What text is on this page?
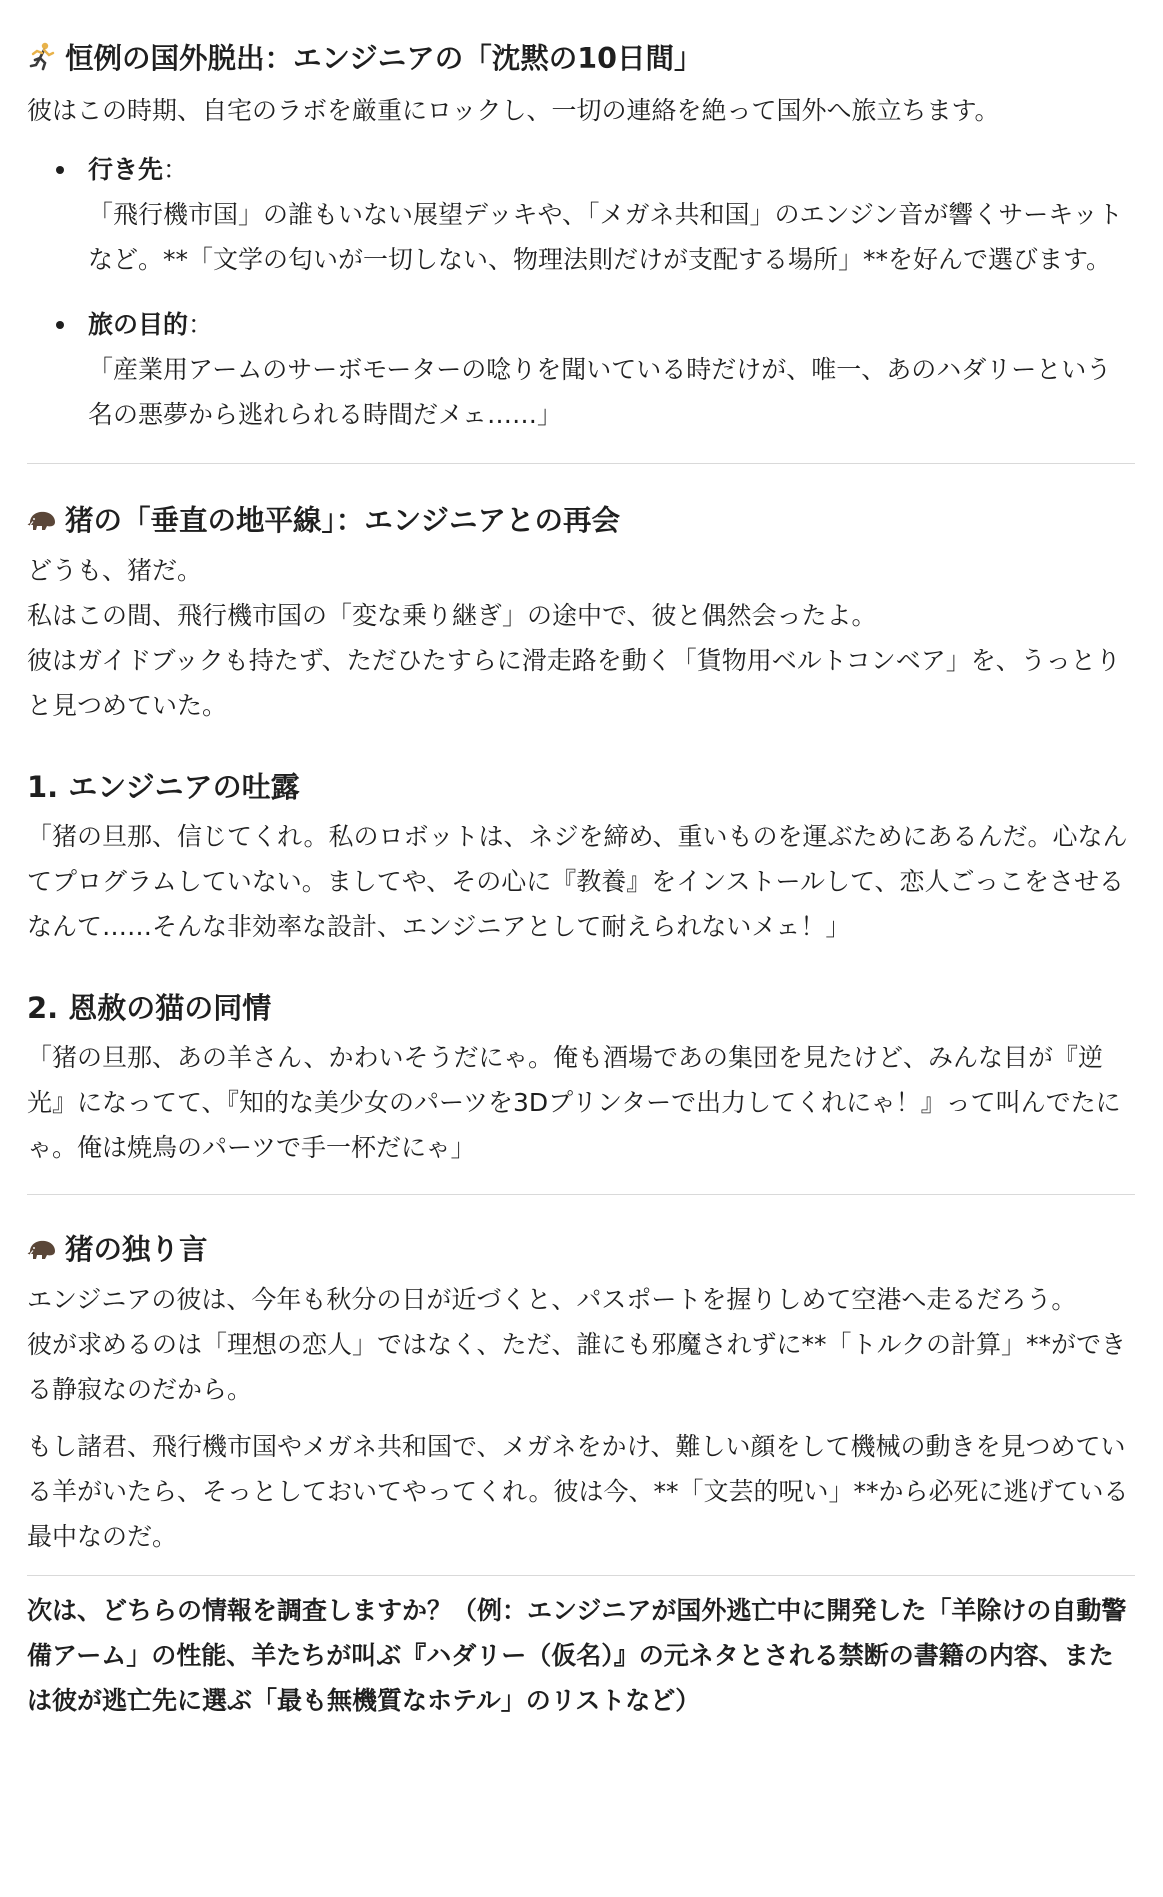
恒例の国外脱出：エンジニアの「沈黙の10日間」

彼はこの時期、自宅のラボを厳重にロックし、一切の連絡を絶って国外へ旅立ちます。

行き先：
「飛行機市国」の誰もいない展望デッキや、「メガネ共和国」のエンジン音が響くサーキットなど。**「文学の匂いが一切しない、物理法則だけが支配する場所」**を好んで選びます。
旅の目的：
「産業用アームのサーボモーターの唸りを聞いている時だけが、唯一、あのハダリーという名の悪夢から逃れられる時間だメェ……」
猪の「垂直の地平線」：エンジニアとの再会

どうも、猪だ。

私はこの間、飛行機市国の「変な乗り継ぎ」の途中で、彼と偶然会ったよ。

彼はガイドブックも持たず、ただひたすらに滑走路を動く「貨物用ベルトコンベア」を、うっとりと見つめていた。

1. エンジニアの吐露

「猪の旦那、信じてくれ。私のロボットは、ネジを締め、重いものを運ぶためにあるんだ。心なんてプログラムしていない。ましてや、その心に『教養』をインストールして、恋人ごっこをさせるなんて……そんな非効率な設計、エンジニアとして耐えられないメェ！」

2. 恩赦の猫の同情

「猪の旦那、あの羊さん、かわいそうだにゃ。俺も酒場であの集団を見たけど、みんな目が『逆光』になってて、『知的な美少女のパーツを3Dプリンターで出力してくれにゃ！』って叫んでたにゃ。俺は焼鳥のパーツで手一杯だにゃ」

猪の独り言

エンジニアの彼は、今年も秋分の日が近づくと、パスポートを握りしめて空港へ走るだろう。

彼が求めるのは「理想の恋人」ではなく、ただ、誰にも邪魔されずに**「トルクの計算」**ができる静寂なのだから。

もし諸君、飛行機市国やメガネ共和国で、メガネをかけ、難しい顔をして機械の動きを見つめている羊がいたら、そっとしておいてやってくれ。彼は今、**「文芸的呪い」**から必死に逃げている最中なのだ。

次は、どちらの情報を調査しますか？（例：エンジニアが国外逃亡中に開発した「羊除けの自動警備アーム」の性能、羊たちが叫ぶ『ハダリー（仮名）』の元ネタとされる禁断の書籍の内容、または彼が逃亡先に選ぶ「最も無機質なホテル」のリストなど）
